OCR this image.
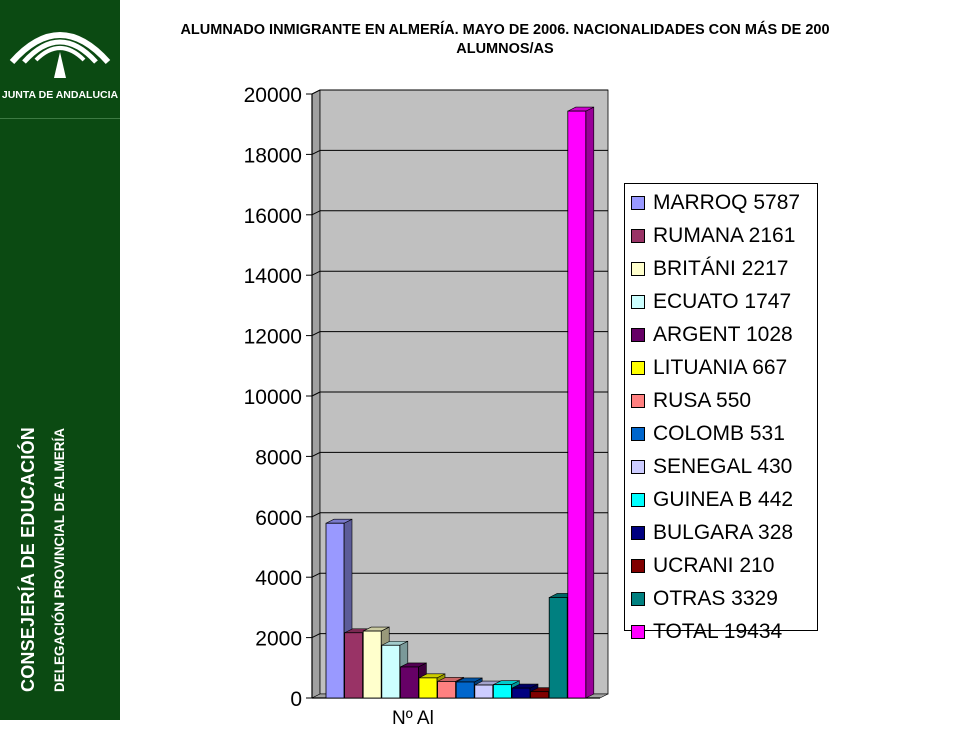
JUNTA DE ANDALUCIA
CONSEJERÍA DE EDUCACIÓN DELEGACIÓN PROVINCIAL DE ALMERÍA
ALUMNADO INMIGRANTE EN ALMERÍA. MAYO DE 2006. NACIONALIDADES CON MÁS DE 200 ALUMNOS/AS
0
2000
4000
6000
8000
10000
12000
14000
16000
18000
20000
MARROQ 5787
RUMANA 2161
BRITÁNI 2217
ECUATO 1747
ARGENT 1028
LITUANIA 667
RUSA 550
COLOMB 531
SENEGAL 430
GUINEA B 442
BULGARA 328
UCRANI 210
OTRAS 3329
TOTAL 19434
Nº Al
